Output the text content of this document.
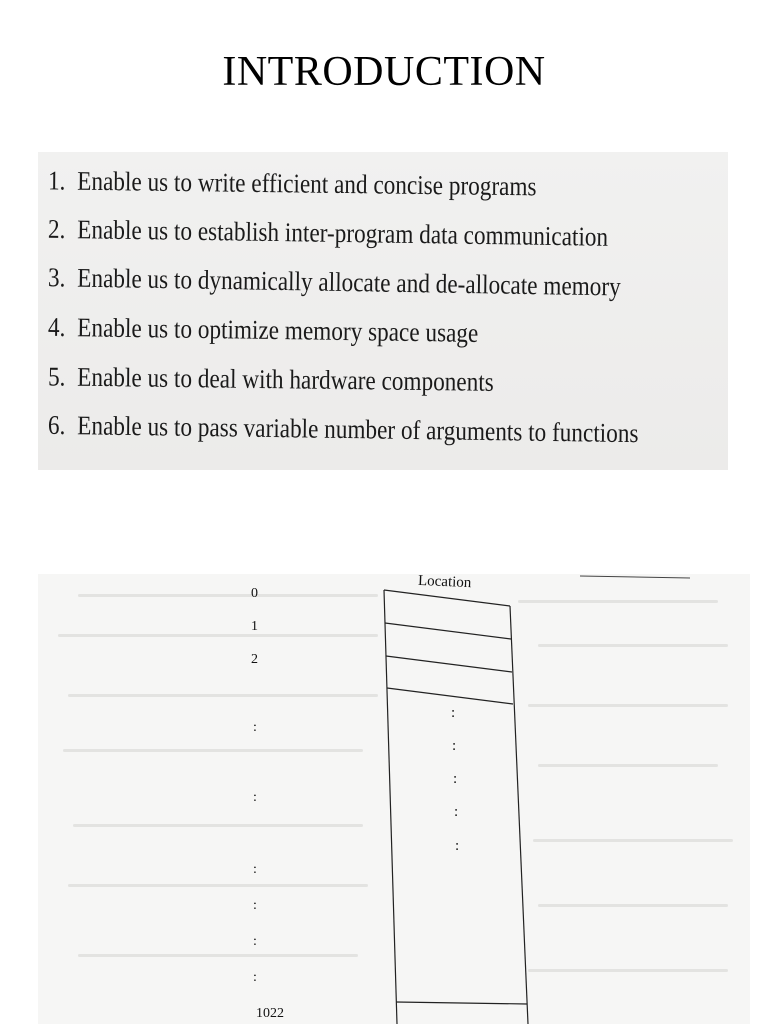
INTRODUCTION
1. Enable us to write efficient and concise programs
2. Enable us to establish inter-program data communication
3. Enable us to dynamically allocate and de-allocate memory
4. Enable us to optimize memory space usage
5. Enable us to deal with hardware components
6. Enable us to pass variable number of arguments to functions
Location
0
1
2
:
:
:
:
:
:
1022
:
:
:
:
:
